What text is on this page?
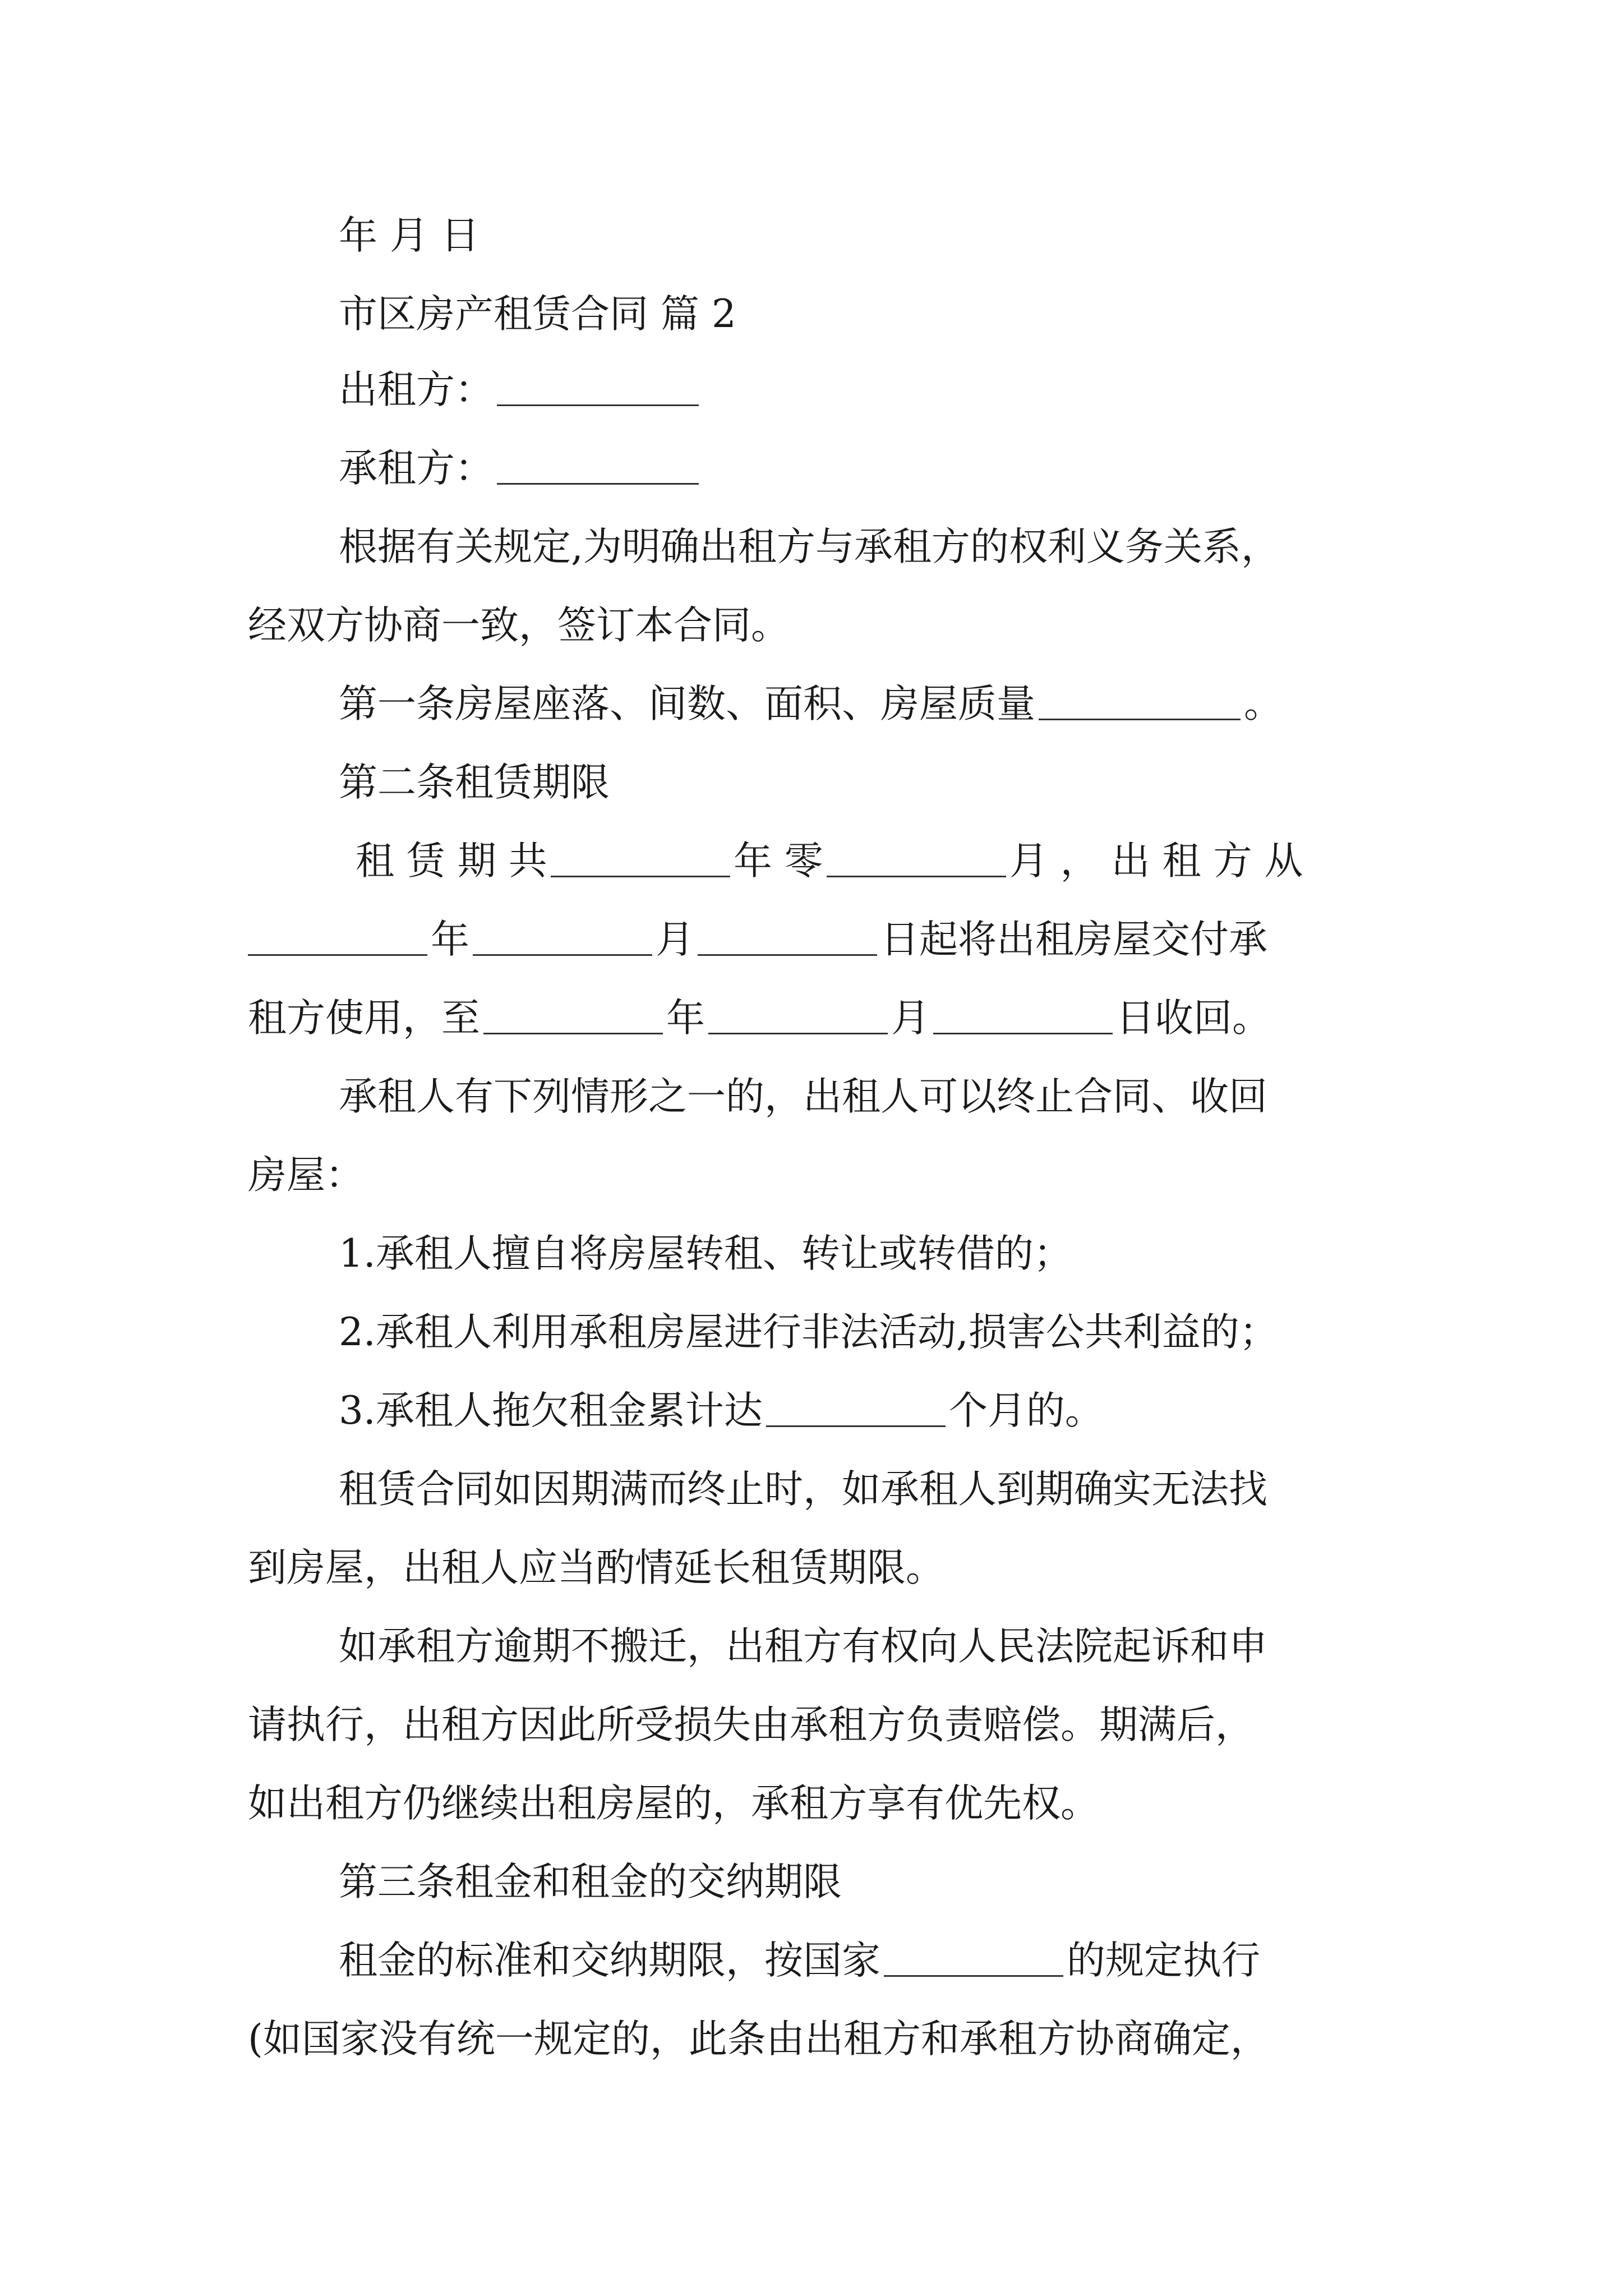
年 月 日
市区房产租赁合同 篇 2
出租方：
承租方：
根据有关规定,为明确出租方与承租方的权利义务关系，
经双方协商一致，签订本合同。
第一条房屋座落、间数、面积、房屋质量	。
第二条租赁期限
租 赁 期 共	年 零	月 ， 出 租 方 从
年	月	日起将出租房屋交付承
租方使用，至	年	月	日收回。
承租人有下列情形之一的，出租人可以终止合同、收回
房屋：
1.承租人擅自将房屋转租、转让或转借的；
2.承租人利用承租房屋进行非法活动,损害公共利益的；
3.承租人拖欠租金累计达	个月的。
租赁合同如因期满而终止时，如承租人到期确实无法找
到房屋，出租人应当酌情延长租赁期限。
如承租方逾期不搬迁，出租方有权向人民法院起诉和申
请执行，出租方因此所受损失由承租方负责赔偿。期满后，
如出租方仍继续出租房屋的，承租方享有优先权。
第三条租金和租金的交纳期限
租金的标准和交纳期限，按国家	的规定执行
(如国家没有统一规定的，此条由出租方和承租方协商确定，
